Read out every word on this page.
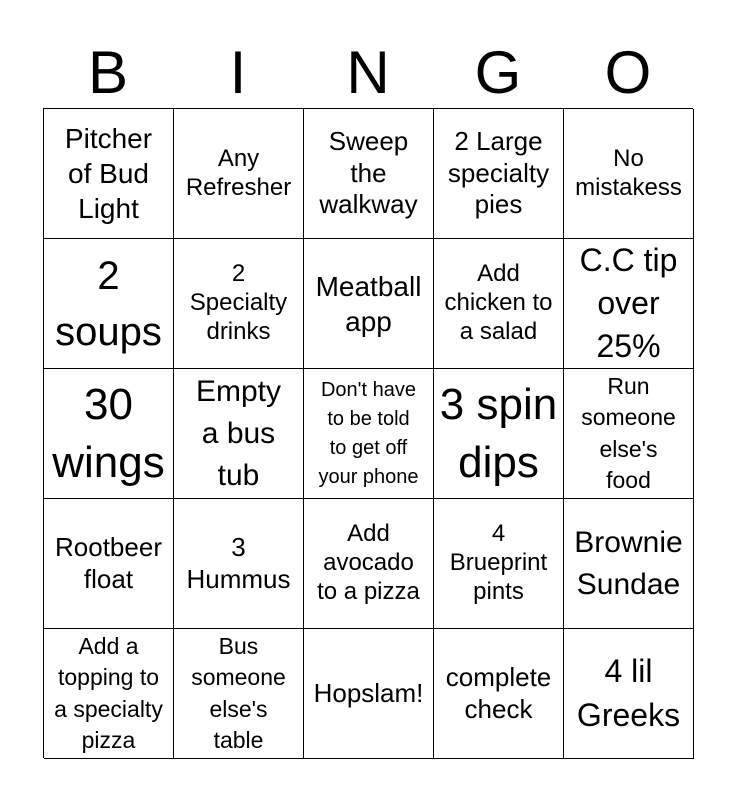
B	I	N	G	O
Pitcher
of Bud
Light
Any
Refresher
Sweep
the
walkway
2 Large
specialty
pies
No
mistakess
2
soups
2
Specialty
drinks
Meatball
app
Add
chicken to
a salad
C.C tip
over
25%
30
wings
Empty
a bus
tub
Don't have
to be told
to get off
your phone
3 spin
dips
Run
someone
else's
food
Rootbeer
float
3
Hummus
Add
avocado
to a pizza
4
Brueprint
pints
Brownie
Sundae
Add a
topping to
a specialty
pizza
Bus
someone
else's
table
Hopslam!
complete
check
4 lil
Greeks
